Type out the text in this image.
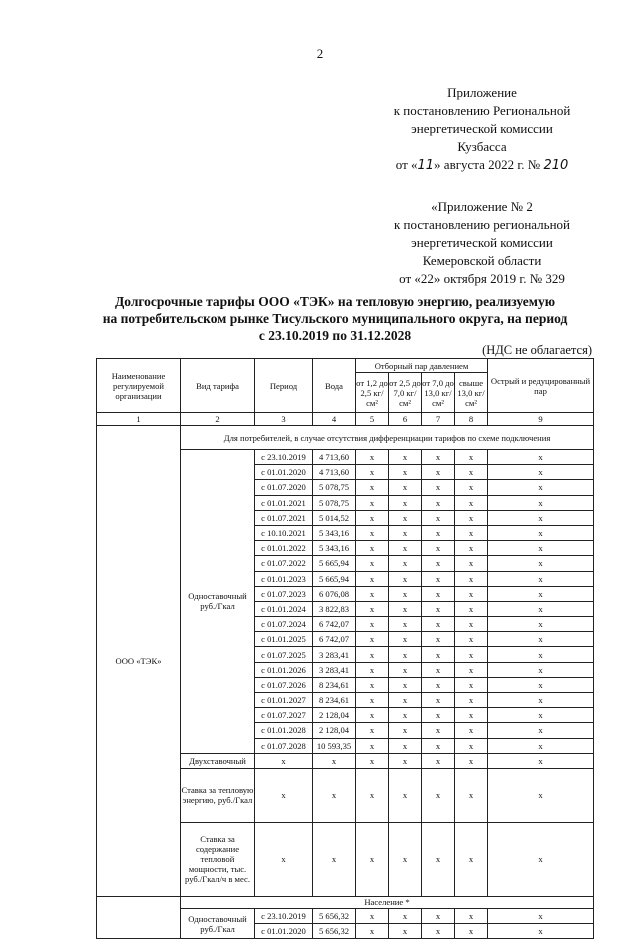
2
Приложение
к постановлению Региональной
энергетической комиссии
Кузбасса
от «11» августа 2022 г. № 210
«Приложение № 2
к постановлению региональной
энергетической комиссии
Кемеровской области
от «22» октября 2019 г. № 329
Долгосрочные тарифы ООО «ТЭК» на тепловую энергию, реализуемую
на потребительском рынке Тисульского муниципального округа, на период
с 23.10.2019 по 31.12.2028
(НДС не облагается)
Наименование регулируемой организации	Вид тарифа	Период	Вода	Отборный пар давлением				Острый и редуцированный пар
				от 1,2 до 2,5 кг/см²	от 2,5 до 7,0 кг/см²	от 7,0 до 13,0 кг/см²	свыше 13,0 кг/см²	
1	2	3	4	5	6	7	8	9
ООО «ТЭК»	Для потребителей, в случае отсутствия дифференциации тарифов по схеме подключения							
	Одноставочный руб./Гкал	с 23.10.2019	4 713,60	х	х	х	х	х
		с 01.01.2020	4 713,60	х	х	х	х	х
		с 01.07.2020	5 078,75	х	х	х	х	х
		с 01.01.2021	5 078,75	х	х	х	х	х
		с 01.07.2021	5 014,52	х	х	х	х	х
		с 10.10.2021	5 343,16	х	х	х	х	х
		с 01.01.2022	5 343,16	х	х	х	х	х
		с 01.07.2022	5 665,94	х	х	х	х	х
		с 01.01.2023	5 665,94	х	х	х	х	х
		с 01.07.2023	6 076,08	х	х	х	х	х
		с 01.01.2024	3 822,83	х	х	х	х	х
		с 01.07.2024	6 742,07	х	х	х	х	х
		с 01.01.2025	6 742,07	х	х	х	х	х
		с 01.07.2025	3 283,41	х	х	х	х	х
		с 01.01.2026	3 283,41	х	х	х	х	х
		с 01.07.2026	8 234,61	х	х	х	х	х
		с 01.01.2027	8 234,61	х	х	х	х	х
		с 01.07.2027	2 128,04	х	х	х	х	х
		с 01.01.2028	2 128,04	х	х	х	х	х
		с 01.07.2028	10 593,35	х	х	х	х	х
	Двухставочный	х	х	х	х	х	х	х
	Ставка за тепловую энергию, руб./Гкал	х	х	х	х	х	х	х
	Ставка за содержание тепловой мощности, тыс. руб./Гкал/ч в мес.	х	х	х	х	х	х	х
	Население *							
	Одноставочный руб./Гкал	с 23.10.2019	5 656,32	х	х	х	х	х
		с 01.01.2020	5 656,32	х	х	х	х	х
